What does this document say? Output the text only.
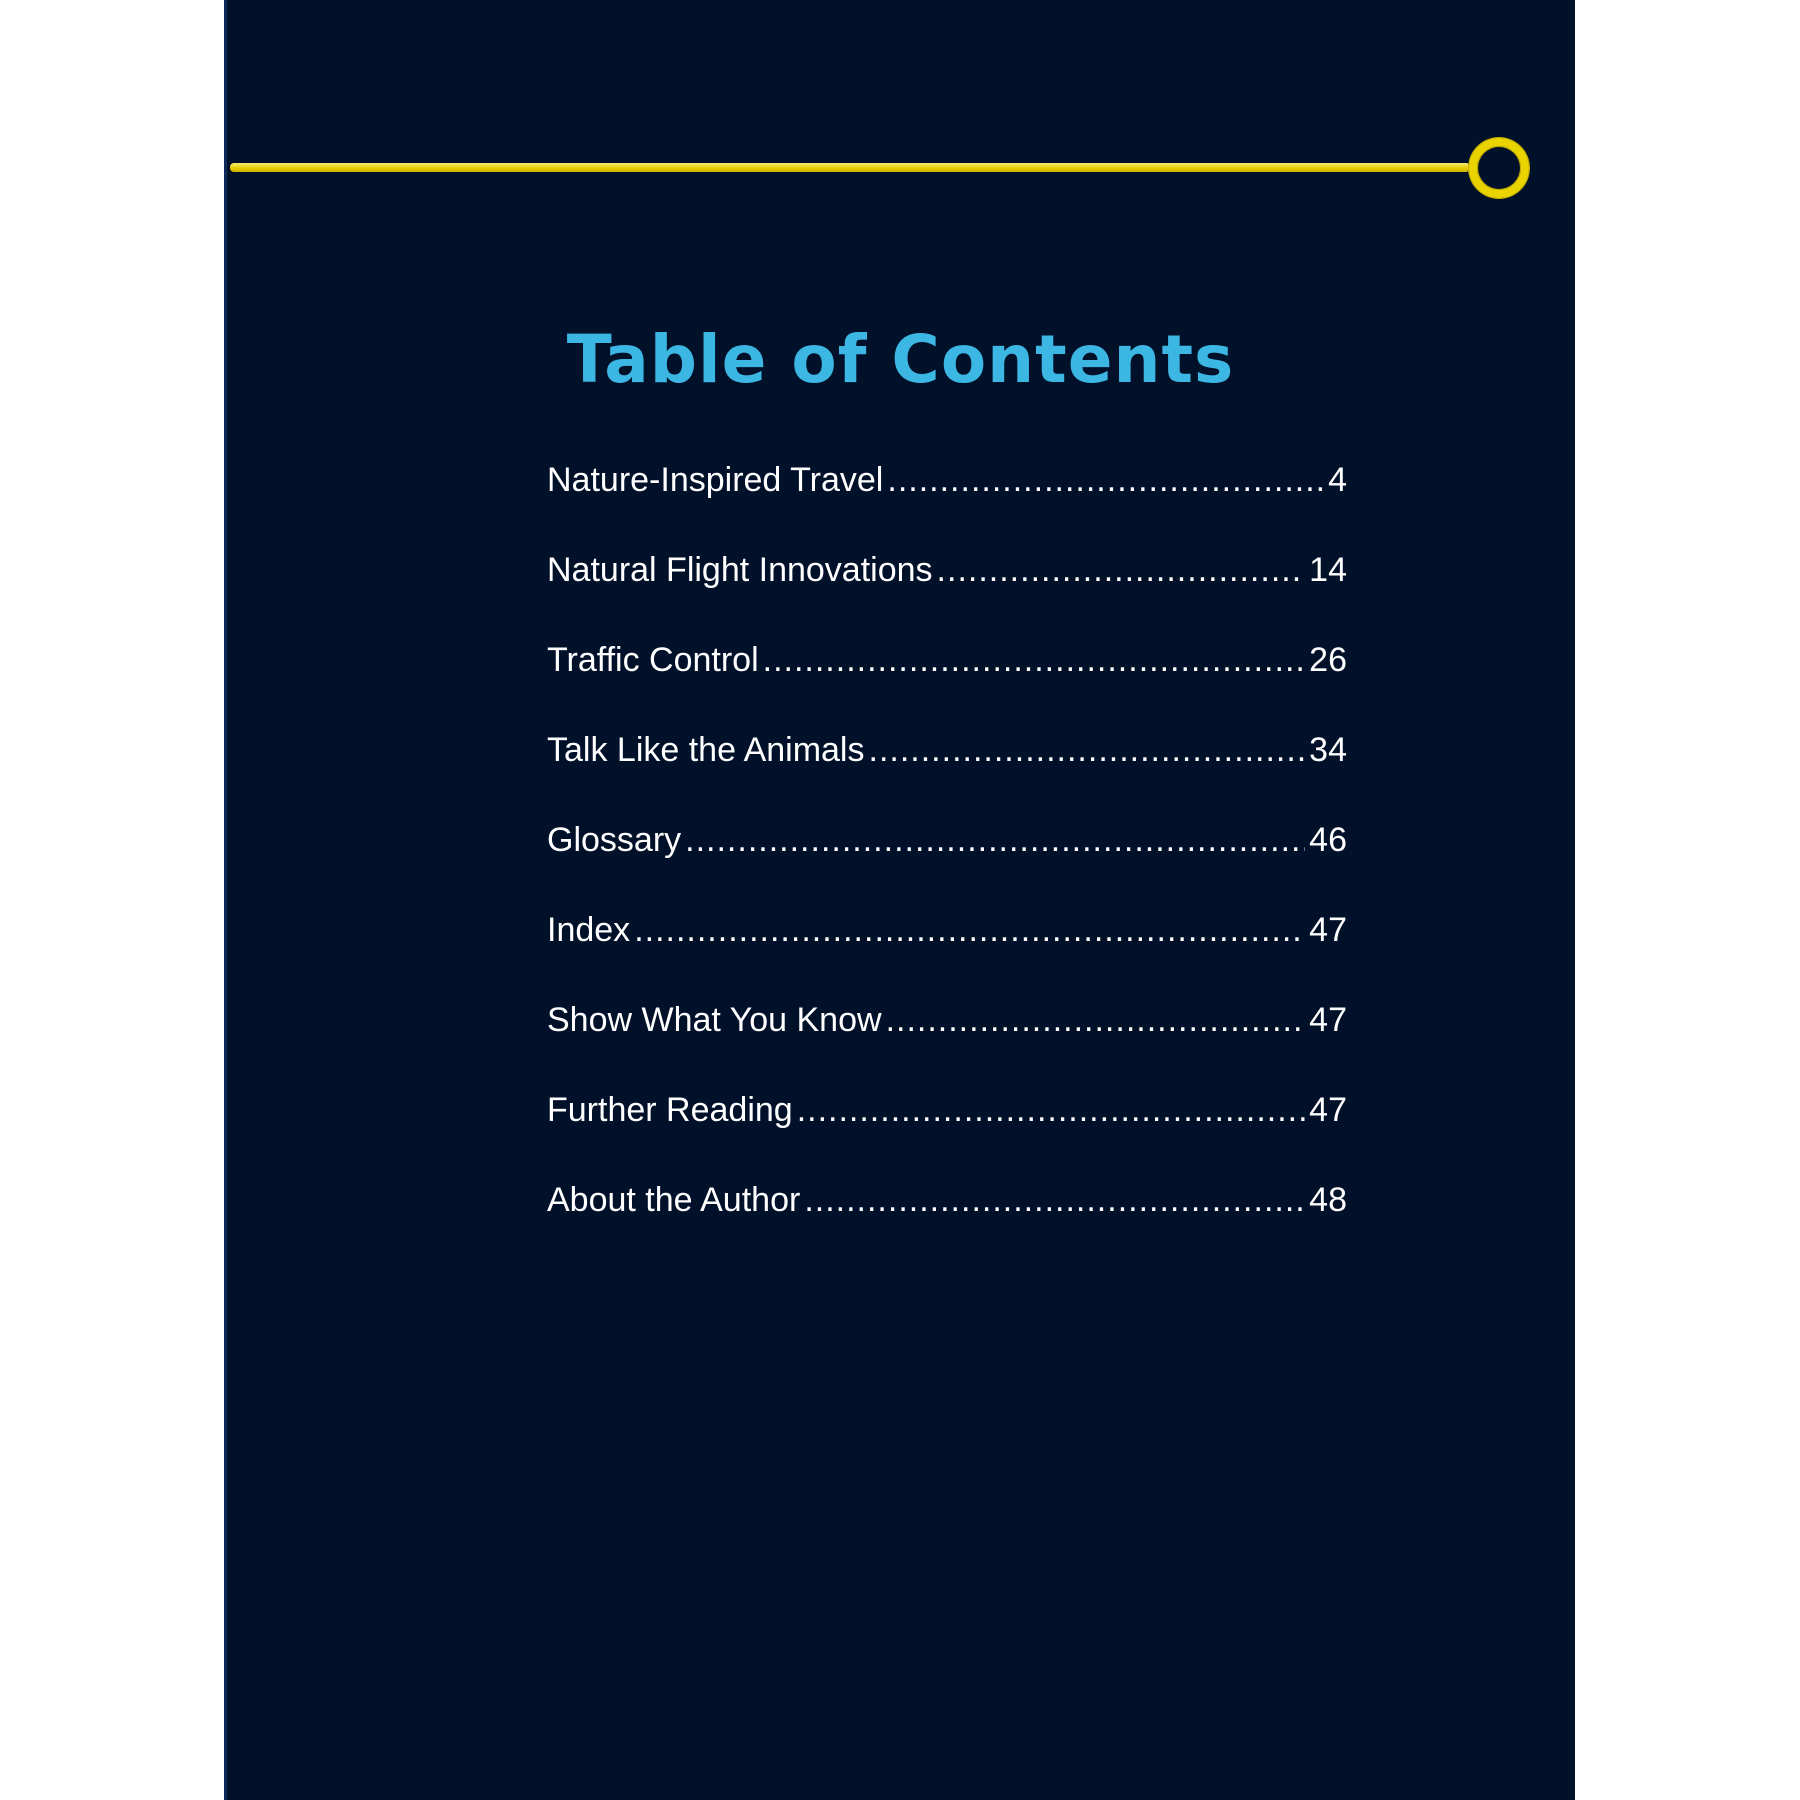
Table of Contents
Nature-Inspired Travel .....	4
Natural Flight Innovations .....	14
Traffic Control .....	26
Talk Like the Animals .....	34
Glossary .....	46
Index .....	47
Show What You Know .....	47
Further Reading .....	47
About the Author .....	48
